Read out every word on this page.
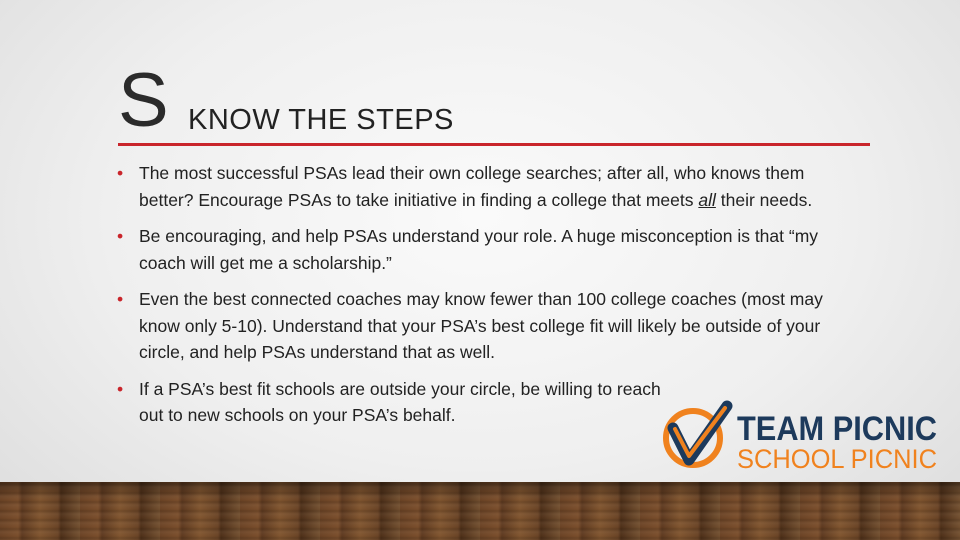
S KNOW THE STEPS
• The most successful PSAs lead their own college searches; after all, who knows them better? Encourage PSAs to take initiative in finding a college that meets all their needs.
• Be encouraging, and help PSAs understand your role. A huge misconception is that “my coach will get me a scholarship.”
• Even the best connected coaches may know fewer than 100 college coaches (most may know only 5-10). Understand that your PSA’s best college fit will likely be outside of your circle, and help PSAs understand that as well.
• If a PSA’s best fit schools are outside your circle, be willing to reach out to new schools on your PSA’s behalf.	TEAM PICNIC
SCHOOL PICNIC
